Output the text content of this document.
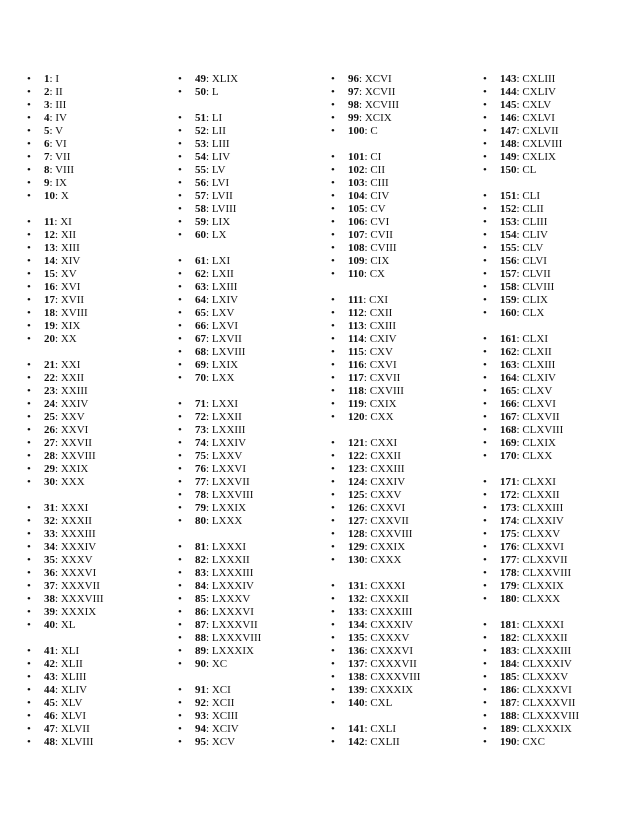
• 1: I
• 2: II
• 3: III
• 4: IV
• 5: V
• 6: VI
• 7: VII
• 8: VIII
• 9: IX
• 10: X
• 11: XI
• 12: XII
• 13: XIII
• 14: XIV
• 15: XV
• 16: XVI
• 17: XVII
• 18: XVIII
• 19: XIX
• 20: XX
• 21: XXI
• 22: XXII
• 23: XXIII
• 24: XXIV
• 25: XXV
• 26: XXVI
• 27: XXVII
• 28: XXVIII
• 29: XXIX
• 30: XXX
• 31: XXXI
• 32: XXXII
• 33: XXXIII
• 34: XXXIV
• 35: XXXV
• 36: XXXVI
• 37: XXXVII
• 38: XXXVIII
• 39: XXXIX
• 40: XL
• 41: XLI
• 42: XLII
• 43: XLIII
• 44: XLIV
• 45: XLV
• 46: XLVI
• 47: XLVII
• 48: XLVIII
• 49: XLIX
• 50: L
• 51: LI
• 52: LII
• 53: LIII
• 54: LIV
• 55: LV
• 56: LVI
• 57: LVII
• 58: LVIII
• 59: LIX
• 60: LX
• 61: LXI
• 62: LXII
• 63: LXIII
• 64: LXIV
• 65: LXV
• 66: LXVI
• 67: LXVII
• 68: LXVIII
• 69: LXIX
• 70: LXX
• 71: LXXI
• 72: LXXII
• 73: LXXIII
• 74: LXXIV
• 75: LXXV
• 76: LXXVI
• 77: LXXVII
• 78: LXXVIII
• 79: LXXIX
• 80: LXXX
• 81: LXXXI
• 82: LXXXII
• 83: LXXXIII
• 84: LXXXIV
• 85: LXXXV
• 86: LXXXVI
• 87: LXXXVII
• 88: LXXXVIII
• 89: LXXXIX
• 90: XC
• 91: XCI
• 92: XCII
• 93: XCIII
• 94: XCIV
• 95: XCV
• 96: XCVI
• 97: XCVII
• 98: XCVIII
• 99: XCIX
• 100: C
• 101: CI
• 102: CII
• 103: CIII
• 104: CIV
• 105: CV
• 106: CVI
• 107: CVII
• 108: CVIII
• 109: CIX
• 110: CX
• 111: CXI
• 112: CXII
• 113: CXIII
• 114: CXIV
• 115: CXV
• 116: CXVI
• 117: CXVII
• 118: CXVIII
• 119: CXIX
• 120: CXX
• 121: CXXI
• 122: CXXII
• 123: CXXIII
• 124: CXXIV
• 125: CXXV
• 126: CXXVI
• 127: CXXVII
• 128: CXXVIII
• 129: CXXIX
• 130: CXXX
• 131: CXXXI
• 132: CXXXII
• 133: CXXXIII
• 134: CXXXIV
• 135: CXXXV
• 136: CXXXVI
• 137: CXXXVII
• 138: CXXXVIII
• 139: CXXXIX
• 140: CXL
• 141: CXLI
• 142: CXLII
• 143: CXLIII
• 144: CXLIV
• 145: CXLV
• 146: CXLVI
• 147: CXLVII
• 148: CXLVIII
• 149: CXLIX
• 150: CL
• 151: CLI
• 152: CLII
• 153: CLIII
• 154: CLIV
• 155: CLV
• 156: CLVI
• 157: CLVII
• 158: CLVIII
• 159: CLIX
• 160: CLX
• 161: CLXI
• 162: CLXII
• 163: CLXIII
• 164: CLXIV
• 165: CLXV
• 166: CLXVI
• 167: CLXVII
• 168: CLXVIII
• 169: CLXIX
• 170: CLXX
• 171: CLXXI
• 172: CLXXII
• 173: CLXXIII
• 174: CLXXIV
• 175: CLXXV
• 176: CLXXVI
• 177: CLXXVII
• 178: CLXXVIII
• 179: CLXXIX
• 180: CLXXX
• 181: CLXXXI
• 182: CLXXXII
• 183: CLXXXIII
• 184: CLXXXIV
• 185: CLXXXV
• 186: CLXXXVI
• 187: CLXXXVII
• 188: CLXXXVIII
• 189: CLXXXIX
• 190: CXC
